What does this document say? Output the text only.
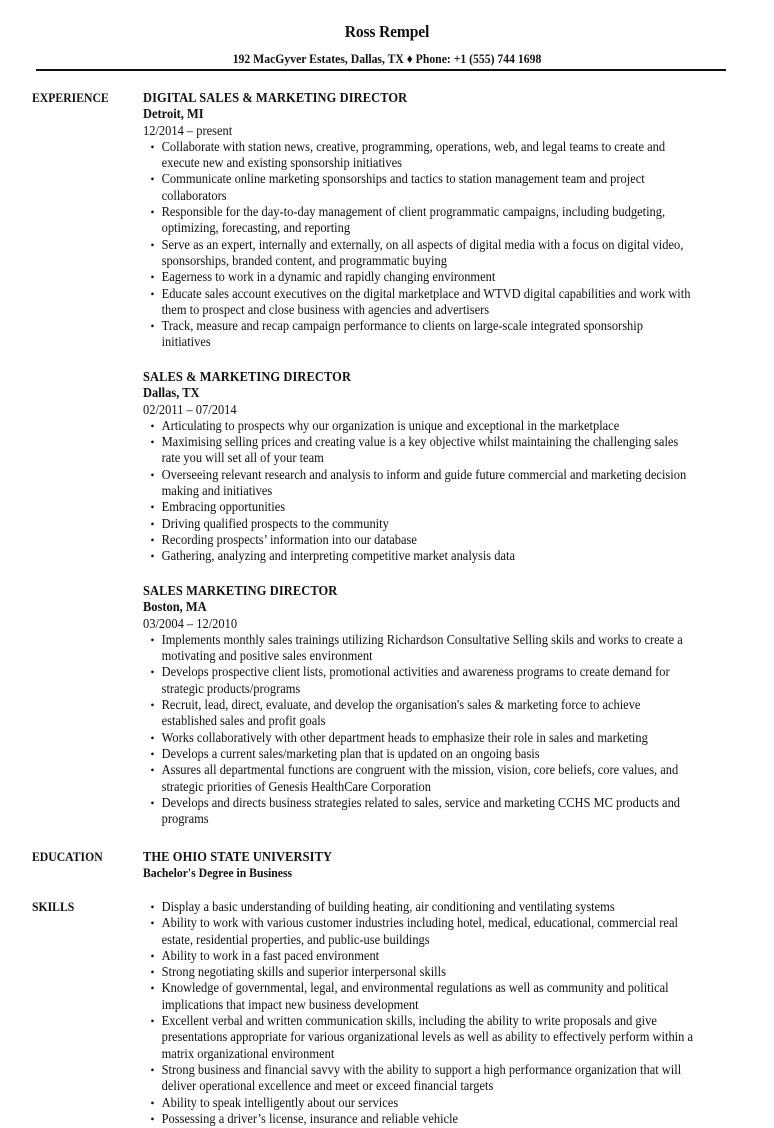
Ross Rempel
192 MacGyver Estates, Dallas, TX ♦ Phone: +1 (555) 744 1698
EXPERIENCE	DIGITAL SALES & MARKETING DIRECTOR
Detroit, MI
12/2014 – present
• Collaborate with station news, creative, programming, operations, web, and legal teams to create and execute new and existing sponsorship initiatives
• Communicate online marketing sponsorships and tactics to station management team and project collaborators
• Responsible for the day-to-day management of client programmatic campaigns, including budgeting, optimizing, forecasting, and reporting
• Serve as an expert, internally and externally, on all aspects of digital media with a focus on digital video, sponsorships, branded content, and programmatic buying
• Eagerness to work in a dynamic and rapidly changing environment
• Educate sales account executives on the digital marketplace and WTVD digital capabilities and work with them to prospect and close business with agencies and advertisers
• Track, measure and recap campaign performance to clients on large-scale integrated sponsorship initiatives
SALES & MARKETING DIRECTOR
Dallas, TX
02/2011 – 07/2014
• Articulating to prospects why our organization is unique and exceptional in the marketplace
• Maximising selling prices and creating value is a key objective whilst maintaining the challenging sales rate you will set all of your team
• Overseeing relevant research and analysis to inform and guide future commercial and marketing decision making and initiatives
• Embracing opportunities
• Driving qualified prospects to the community
• Recording prospects’ information into our database
• Gathering, analyzing and interpreting competitive market analysis data
SALES MARKETING DIRECTOR
Boston, MA
03/2004 – 12/2010
• Implements monthly sales trainings utilizing Richardson Consultative Selling skils and works to create a motivating and positive sales environment
• Develops prospective client lists, promotional activities and awareness programs to create demand for strategic products/programs
• Recruit, lead, direct, evaluate, and develop the organisation's sales & marketing force to achieve established sales and profit goals
• Works collaboratively with other department heads to emphasize their role in sales and marketing
• Develops a current sales/marketing plan that is updated on an ongoing basis
• Assures all departmental functions are congruent with the mission, vision, core beliefs, core values, and strategic priorities of Genesis HealthCare Corporation
• Develops and directs business strategies related to sales, service and marketing CCHS MC products and programs
EDUCATION	THE OHIO STATE UNIVERSITY
Bachelor's Degree in Business
SKILLS	• Display a basic understanding of building heating, air conditioning and ventilating systems
• Ability to work with various customer industries including hotel, medical, educational, commercial real estate, residential properties, and public-use buildings
• Ability to work in a fast paced environment
• Strong negotiating skills and superior interpersonal skills
• Knowledge of governmental, legal, and environmental regulations as well as community and political implications that impact new business development
• Excellent verbal and written communication skills, including the ability to write proposals and give presentations appropriate for various organizational levels as well as ability to effectively perform within a matrix organizational environment
• Strong business and financial savvy with the ability to support a high performance organization that will deliver operational excellence and meet or exceed financial targets
• Ability to speak intelligently about our services
• Possessing a driver’s license, insurance and reliable vehicle
